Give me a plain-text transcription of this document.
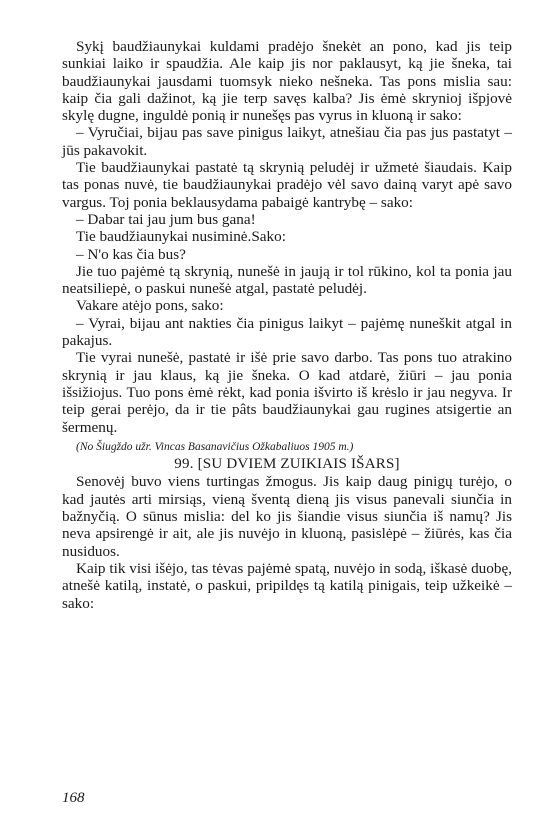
Sykį baudžiaunykai kuldami pradėjo šnekėt an pono, kad jis teip sunkiai laiko ir spaudžia. Ale kaip jis nor paklausyt, ką jie šneka, tai baudžiaunykai jausdami tuomsyk nieko nešneka. Tas pons mislia sau: kaip čia gali dažinot, ką jie terp savęs kalba? Jis ėmė skrynioj išpjovė skylę dugne, inguldė ponią ir nunešęs pas vyrus in kluoną ir sako:

– Vyručiai, bijau pas save pinigus laikyt, atnešiau čia pas jus pastatyt – jūs pakavokit.

Tie baudžiaunykai pastatė tą skrynią peludėj ir užmetė šiaudais. Kaip tas ponas nuvė, tie baudžiaunykai pradėjo vėl savo dainą varyt apė savo vargus. Toj ponia beklausydama pabaigė kantrybę – sako:

– Dabar tai jau jum bus gana!

Tie baudžiaunykai nusiminė.Sako:

– N'o kas čia bus?

Jie tuo pajėmė tą skrynią, nunešė in jaują ir tol rūkino, kol ta ponia jau neatsiliepė, o paskui nunešė atgal, pastatė peludėj.

Vakare atėjo pons, sako:

– Vyrai, bijau ant nakties čia pinigus laikyt – pajėmę nuneškit atgal in pakajus.

Tie vyrai nunešė, pastatė ir išė prie savo darbo. Tas pons tuo atrakino skrynią ir jau klaus, ką jie šneka. O kad atdarė, žiūri – jau ponia išsižiojus. Tuo pons ėmė rėkt, kad ponia išvirto iš krėslo ir jau negyva. Ir teip gerai perėjo, da ir tie pâts baudžiaunykai gau rugines atsigertie an šermenų.

(No Šiugždo užr. Vincas Basanavičius Ožkabaliuos 1905 m.)

99. [SU DVIEM ZUIKIAIS IŠARS]

Senovėj buvo viens turtingas žmogus. Jis kaip daug pinigų turėjo, o kad jautės arti mirsiąs, vieną šventą dieną jis visus panevali siunčia in bažnyčią. O sūnus mislia: del ko jis šiandie visus siunčia iš namų? Jis neva apsirengė ir ait, ale jis nuvėjo in kluoną, pasislėpė – žiūrės, kas čia nusiduos.

Kaip tik visi išėjo, tas tėvas pajėmė spatą, nuvėjo in sodą, iškasė duobę, atnešė katilą, instatė, o paskui, pripildęs tą katilą pinigais, teip užkeikė – sako:

168
